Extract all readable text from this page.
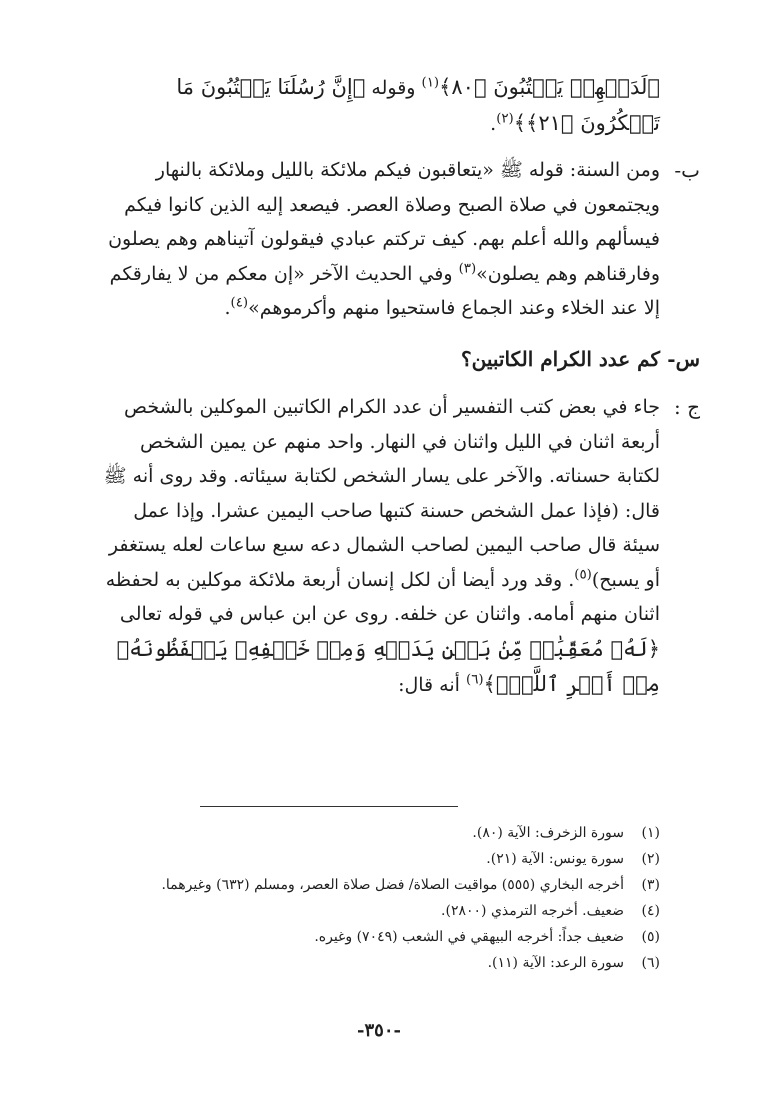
﴿لَدَيۡهِمۡ يَكۡتُبُونَ ﴿٨٠﴾$^{(١)}$ وقوله ﴿إِنَّ رُسُلَنَا يَكۡتُبُونَ مَا تَمۡكُرُونَ ﴿٢١﴾﴾$^{(٢)}$.

ب-
ومن السنة: قوله ﷺ «يتعاقبون فيكم ملائكة بالليل وملائكة بالنهار ويجتمعون في صلاة الصبح وصلاة العصر. فيصعد إليه الذين كانوا فيكم فيسألهم والله أعلم بهم. كيف تركتم عبادي فيقولون آتيناهم وهم يصلون وفارقناهم وهم يصلون»$^{(٣)}$ وفي الحديث الآخر «إن معكم من لا يفارقكم إلا عند الخلاء وعند الجماع فاستحيوا منهم وأكرموهم»$^{(٤)}$.
س-
كم عدد الكرام الكاتبين؟
ج :
جاء في بعض كتب التفسير أن عدد الكرام الكاتبين الموكلين بالشخص أربعة اثنان في الليل واثنان في النهار. واحد منهم عن يمين الشخص لكتابة حسناته. والآخر على يسار الشخص لكتابة سيئاته. وقد روى أنه ﷺ قال: (فإذا عمل الشخص حسنة كتبها صاحب اليمين عشرا. وإذا عمل سيئة قال صاحب اليمين لصاحب الشمال دعه سبع ساعات لعله يستغفر أو يسبح)$^{(٥)}$. وقد ورد أيضا أن لكل إنسان أربعة ملائكة موكلين به لحفظه اثنان منهم أمامه. واثنان عن خلفه. روى عن ابن عباس في قوله تعالى ﴿لَهُۥ مُعَقِّبَٰتٞ مِّنۢ بَيۡنِ يَدَيۡهِ وَمِنۡ خَلۡفِهِۦ يَحۡفَظُونَهُۥ مِنۡ أَمۡرِ ٱللَّهِۗ﴾$^{(٦)}$ أنه قال:
(١)
سورة الزخرف: الآية (٨٠).
(٢)
سورة يونس: الآية (٢١).
(٣)
أخرجه البخاري (٥٥٥) مواقيت الصلاة/ فضل صلاة العصر، ومسلم (٦٣٢) وغيرهما.
(٤)
ضعيف. أخرجه الترمذي (٢٨٠٠).
(٥)
ضعيف جداً: أخرجه البيهقي في الشعب (٧٠٤٩) وغيره.
(٦)
سورة الرعد: الآية (١١).
-٣٥٠-
